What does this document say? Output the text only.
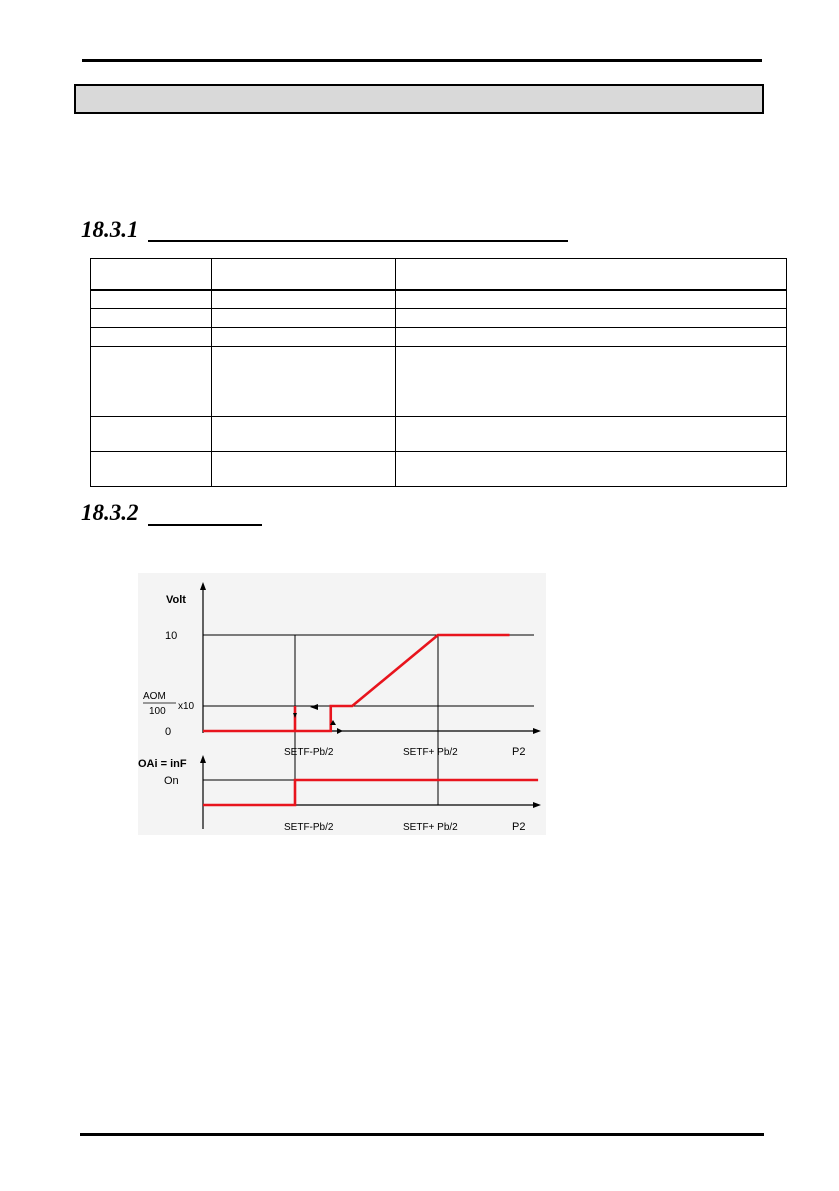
18.3.1

18.3.2
Volt
10
AOM
100 x10
0
SETF-Pb/2	SETF+ Pb/2	P2
OAi = inF
On
SETF-Pb/2	SETF+ Pb/2	P2
